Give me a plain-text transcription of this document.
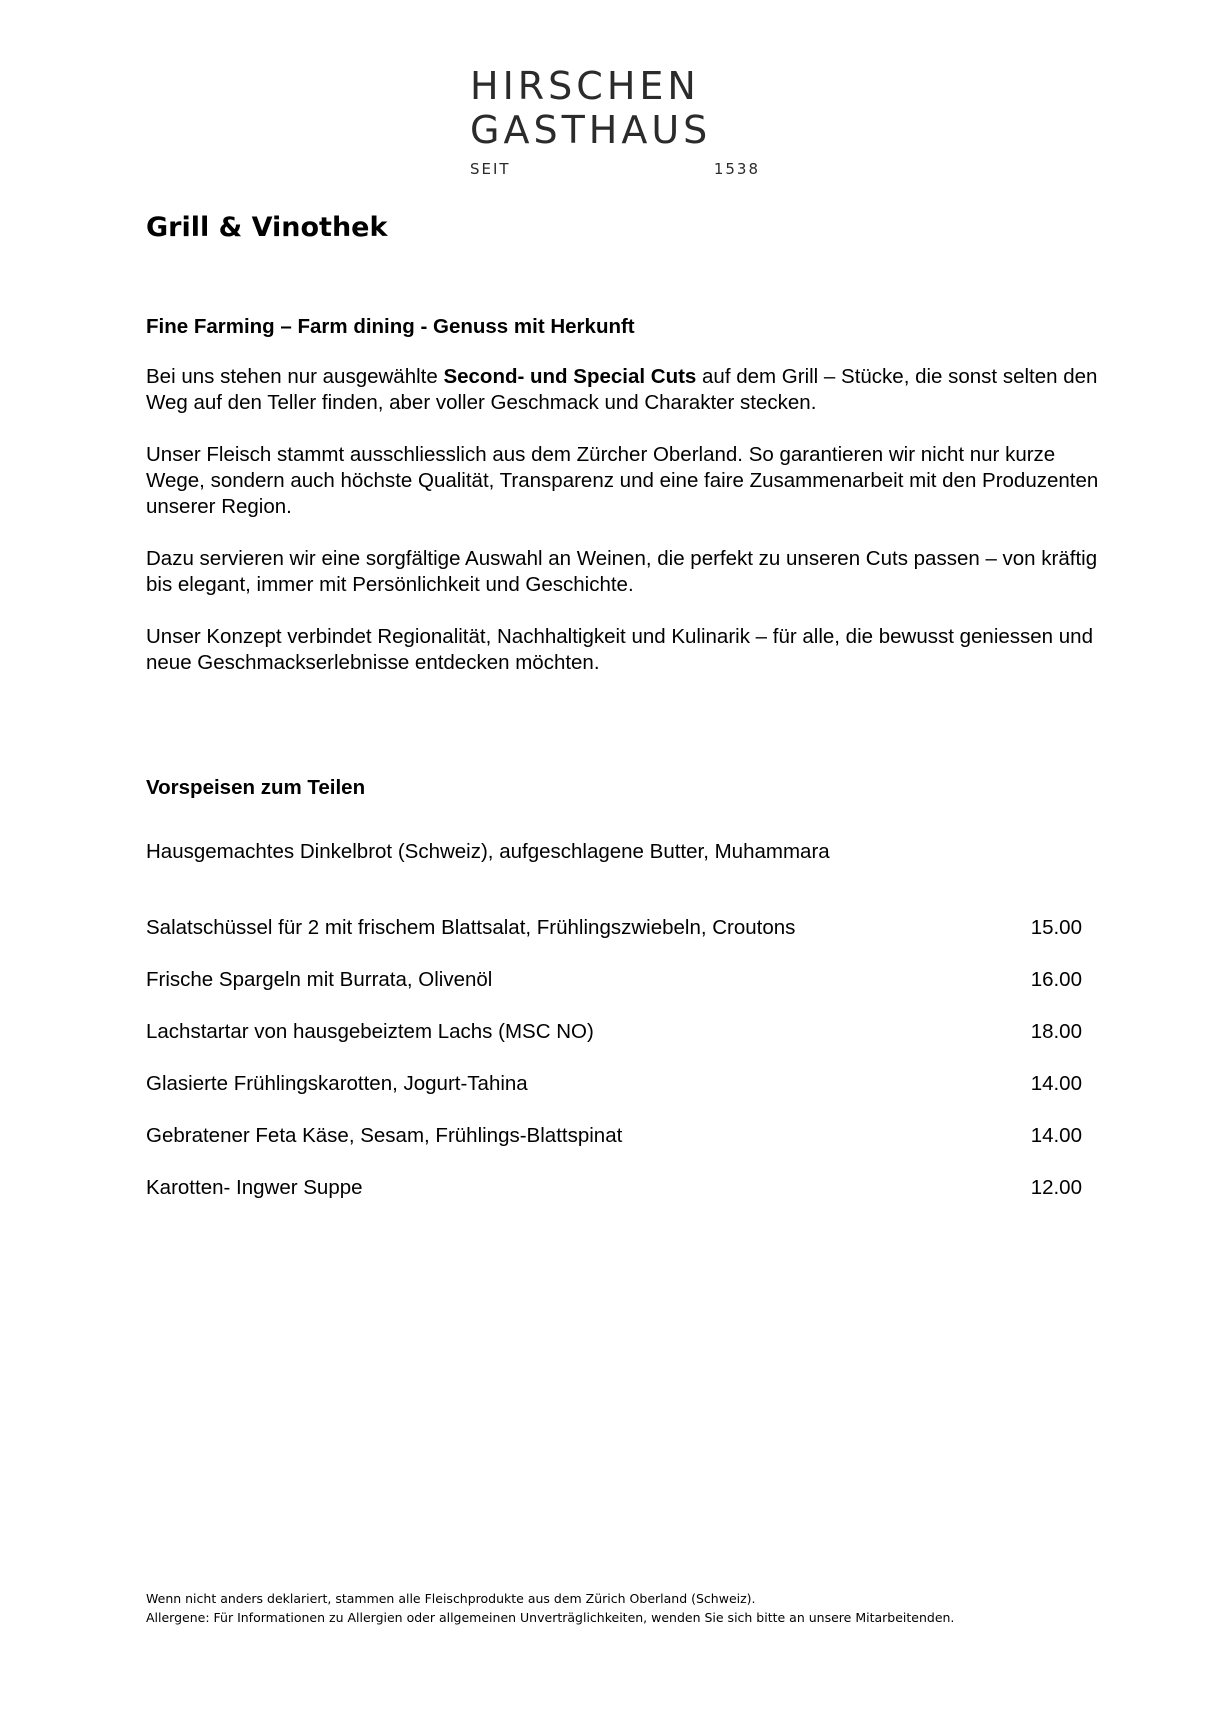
HIRSCHEN
GASTHAUS
SEIT	1538
Grill & Vinothek
Fine Farming – Farm dining - Genuss mit Herkunft

Bei uns stehen nur ausgewählte Second- und Special Cuts auf dem Grill – Stücke, die sonst selten den Weg auf den Teller finden, aber voller Geschmack und Charakter stecken.

Unser Fleisch stammt ausschliesslich aus dem Zürcher Oberland. So garantieren wir nicht nur kurze Wege, sondern auch höchste Qualität, Transparenz und eine faire Zusammenarbeit mit den Produzenten unserer Region.

Dazu servieren wir eine sorgfältige Auswahl an Weinen, die perfekt zu unseren Cuts passen – von kräftig bis elegant, immer mit Persönlichkeit und Geschichte.

Unser Konzept verbindet Regionalität, Nachhaltigkeit und Kulinarik – für alle, die bewusst geniessen und neue Geschmackserlebnisse entdecken möchten.

Vorspeisen zum Teilen
Hausgemachtes Dinkelbrot (Schweiz), aufgeschlagene Butter, Muhammara
Salatschüssel für 2 mit frischem Blattsalat, Frühlingszwiebeln, Croutons	15.00
Frische Spargeln mit Burrata, Olivenöl	16.00
Lachstartar von hausgebeiztem Lachs (MSC NO)	18.00
Glasierte Frühlingskarotten, Jogurt-Tahina	14.00
Gebratener Feta Käse, Sesam, Frühlings-Blattspinat	14.00
Karotten- Ingwer Suppe	12.00
Wenn nicht anders deklariert, stammen alle Fleischprodukte aus dem Zürich Oberland (Schweiz).
Allergene: Für Informationen zu Allergien oder allgemeinen Unverträglichkeiten, wenden Sie sich bitte an unsere Mitarbeitenden.
